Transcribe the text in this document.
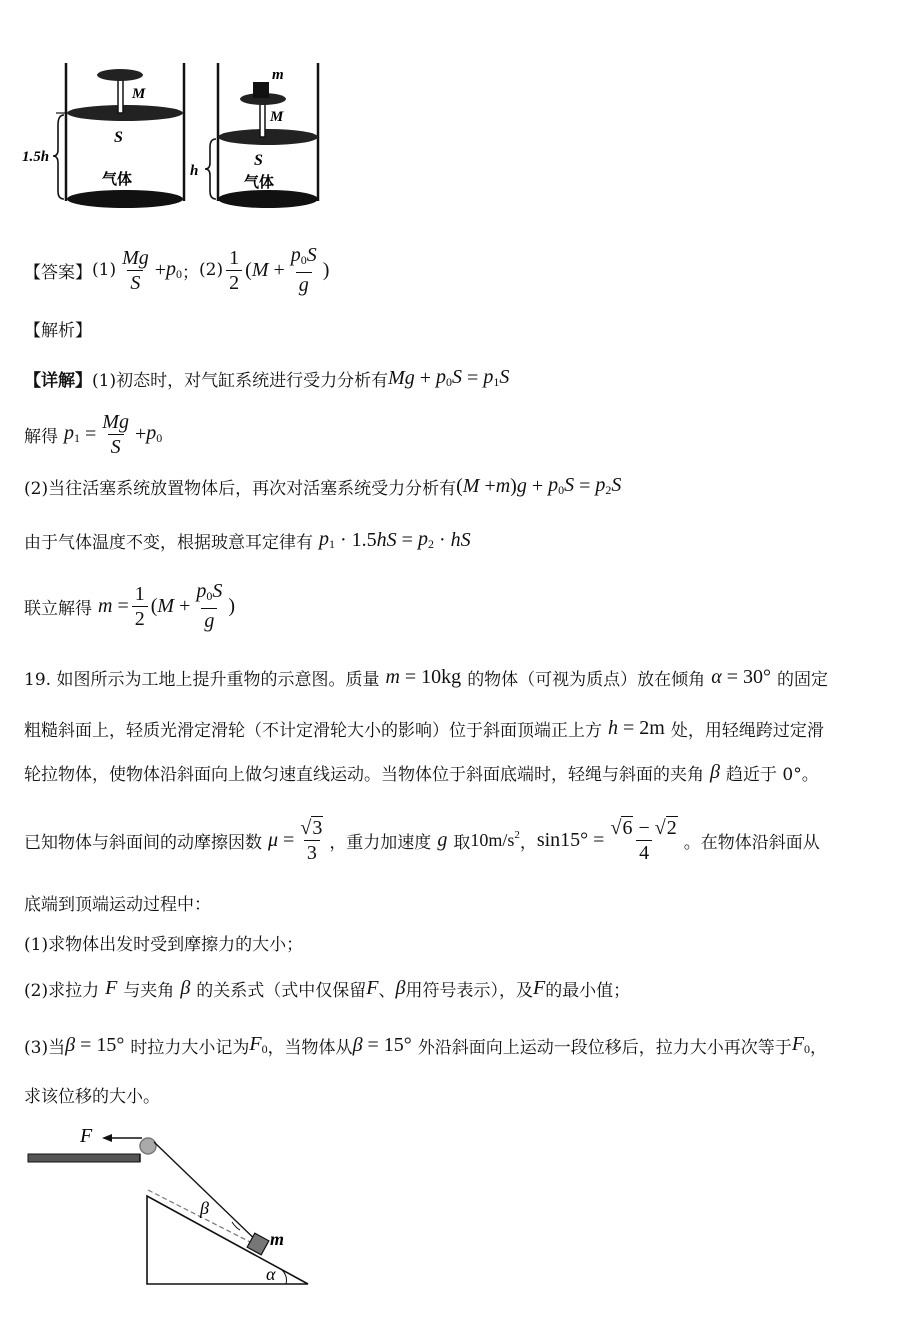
1.5h
M
S
气体
m
M
h
S
气体
【答案】 $(1) \frac{Mg}{S} + p_0$ ； $(2) \frac{1}{2}$ ( $M + \frac{p_0S}{g}$ )
【解析】
【详解】 (1)初态时，对气缸系统进行受力分析有 $Mg + p_0S = p_1S$
解得 $p_1 = \frac{Mg}{S} + p_0$
(2)当往活塞系统放置物体后，再次对活塞系统受力分析有 ( M + m ) $g + p_0S = p_2S$
由于气体温度不变，根据玻意耳定律有 $p_1 \cdot 1.5$ hS = $p_2$ · hS
联立解得 $m = \frac{1}{2}$ ( $M + \frac{p_0S}{g}$ )
19. 如图所示为工地上提升重物的示意图。质量 m = 10kg 的物体（可视为质点）放在倾角 α = 30° 的固定
粗糙斜面上，轻质光滑定滑轮（不计定滑轮大小的影响）位于斜面顶端正上方 h = 2m 处，用轻绳跨过定滑
轮拉物体，使物体沿斜面向上做匀速直线运动。当物体位于斜面底端时，轻绳与斜面的夹角 β 趋近于 0°。
已知物体与斜面间的动摩擦因数 $\mu = \frac{√3}{3}$ ，重力加速度 g 取 $10m/s^2$ ， $\sin 15^\circ = \frac{√6 - √2}{4}$ 。在物体沿斜面从
底端到顶端运动过程中：
(1)求物体出发时受到摩擦力的大小；
(2)求拉力 F 与夹角 β 的关系式（式中仅保留 F 、 β 用符号表示），及 F 的最小值；
(3)当 β = 15° 时拉力大小记为 $F_0$ ，当物体从 β = 15° 外沿斜面向上运动一段位移后，拉力大小再次等于 $F_0$ ，
求该位移的大小。
F
β
m
α
